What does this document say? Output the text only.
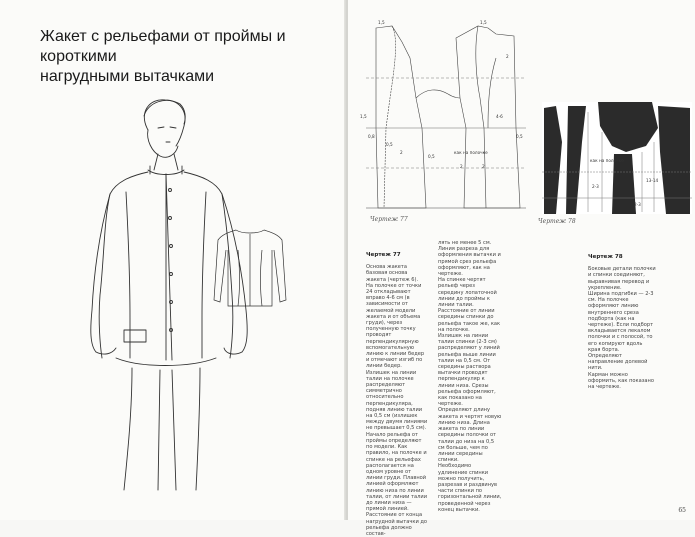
Жакет с рельефами от проймы и короткими
нагрудными вытачками
1,5	1,5
0,8
0,5
1,5
2
0,5
2
2	2
4-6
0,5
как на полочке
Чертеж 77
как на полочке
13-14
2-3
2-3
Чертеж 78
Чертеж 77

Основа жакета базовая основа жакета (чертеж 6).

На полочке от точки 24 откладывают вправо 4-6 см (в зависимости от желаемой модели жакета и от объема груди), через полученную точку проводят перпендикулярную вспомогательную линию к линии бедер и отмечают изгиб по линии бедер.

Излишек на линии талии на полочке распределяют симметрично относительно перпендикуляра, подняв линию талии на 0,5 см (излишек между двумя линиями не превышает 0,5 см).

Начало рельефа от проймы определяют по модели. Как правило, на полочке и спинке на рельефах располагается на одном уровне от линии груди. Плавной линией оформляют линию низа по линии талии, от линии талии до линии низа — прямой линией. Расстояние от конца нагрудной вытачки до рельефа должно состав-

лять не менее 5 см. Линия разреза для оформления вытачки и прямой срез рельефа оформляют, как на чертеже.

На спинке чертят рельеф через середину лопаточной линии до проймы к линии талии. Расстояние от линии середины спинки до рельефа такое же, как на полочке.

Излишек на линии талии спинки (2-3 см) распределяют у линий рельефа выше линии талии на 0,5 см. От середины раствора вытачки проводят перпендикуляр к линии низа. Срезы рельефа оформляют, как показано на чертеже.

Определяют длину жакета и чертят новую линию низа. Длина жакета по линии середины полочки от талии до низа на 0,5 см больше, чем по линии середины спинки.

Необходимо удлинение спинки можно получить, разрезав и раздвинув части спинки по горизонтальной линии, проведенной через конец вытачки.

Чертеж 78

Боковые детали полочки и спинки соединяют, выравнивая перевод и укрепление.

Ширина подгибки — 2-3 см. На полочке оформляют линию внутреннего среза подборта (как на чертеже). Если подборт вкладывается лекалом полочки и с полосой, то его копируют вдоль края борта.

Определяют направление долевой нити.

Карман можно оформить, как показано на чертеже.

65
